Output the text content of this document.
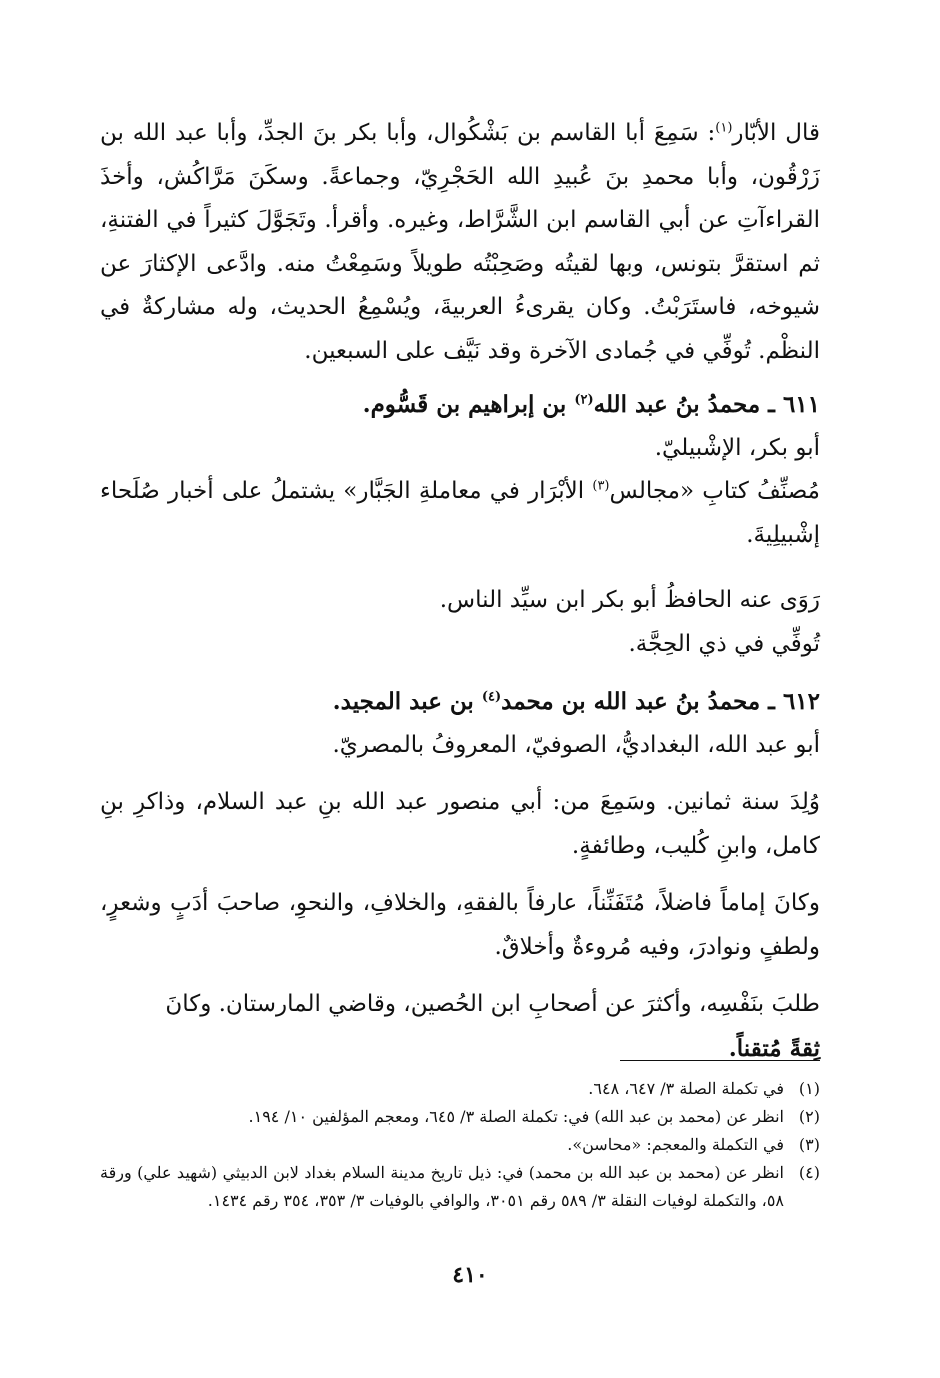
قال الأبّار$^{(١)}$: سَمِعَ أبا القاسم بن بَشْكُوال، وأبا بكر بنَ الجدِّ، وأبا عبد الله بن زَرْقُون، وأبا محمدِ بنَ عُبيدِ الله الحَجْرِيّ، وجماعةً. وسكَنَ مَرَّاكُش، وأخذَ القراءآتِ عن أبي القاسم ابن الشَّرَّاط، وغيره. وأقرأ. وتَجَوَّلَ كثيراً في الفتنةِ، ثم استقرَّ بتونس، وبها لقيتُه وصَحِبْتُه طويلاً وسَمِعْتُ منه. وادَّعى الإكثارَ عن شيوخه، فاستَرَبْتُ. وكان يقرىءُ العربيةَ، ويُسْمِعُ الحديث، وله مشاركةٌ في النظْم. تُوفِّي في جُمادى الآخرة وقد نَيَّف على السبعين.

٦١١ ـ محمدُ بنُ عبد الله$^{(٢)}$ بن إبراهيم بن قَسُّوم.

أبو بكر، الإشْبيليّ.

مُصنِّفُ كتابِ «مجالس$^{(٣)}$ الأبْرَار في معاملةِ الجَبَّار» يشتملُ على أخبار صُلَحاء إشْبيلِيةَ.

رَوَى عنه الحافظُ أبو بكر ابن سيِّد الناس.

تُوفِّي في ذي الحِجَّة.

٦١٢ ـ محمدُ بنُ عبد الله بن محمد$^{(٤)}$ بن عبد المجيد.

أبو عبد الله، البغداديُّ، الصوفيّ، المعروفُ بالمصريّ.

وُلِدَ سنة ثمانين. وسَمِعَ من: أبي منصور عبد الله بنِ عبد السلام، وذاكرِ بنِ كامل، وابنِ كُليب، وطائفةٍ.

وكانَ إماماً فاضلاً، مُتَفَنِّناً، عارفاً بالفقهِ، والخلافِ، والنحوِ، صاحبَ أدَبٍ وشعرٍ، ولطفٍ ونوادرَ، وفيه مُروءةٌ وأخلاقٌ.

طلبَ بنَفْسِه، وأكثرَ عن أصحابِ ابن الحُصين، وقاضي المارستان. وكانَ

ثِقةً مُتقناً.

(١)
في تكملة الصلة ٣/ ٦٤٧، ٦٤٨.
(٢)
انظر عن (محمد بن عبد الله) في: تكملة الصلة ٣/ ٦٤٥، ومعجم المؤلفين ١٠/ ١٩٤.
(٣)
في التكملة والمعجم: «محاسن».
(٤)
انظر عن (محمد بن عبد الله بن محمد) في: ذيل تاريخ مدينة السلام بغداد لابن الدبيثي (شهيد علي) ورقة ٥٨، والتكملة لوفيات النقلة ٣/ ٥٨٩ رقم ٣٠٥١، والوافي بالوفيات ٣/ ٣٥٣، ٣٥٤ رقم ١٤٣٤.
٤١٠
